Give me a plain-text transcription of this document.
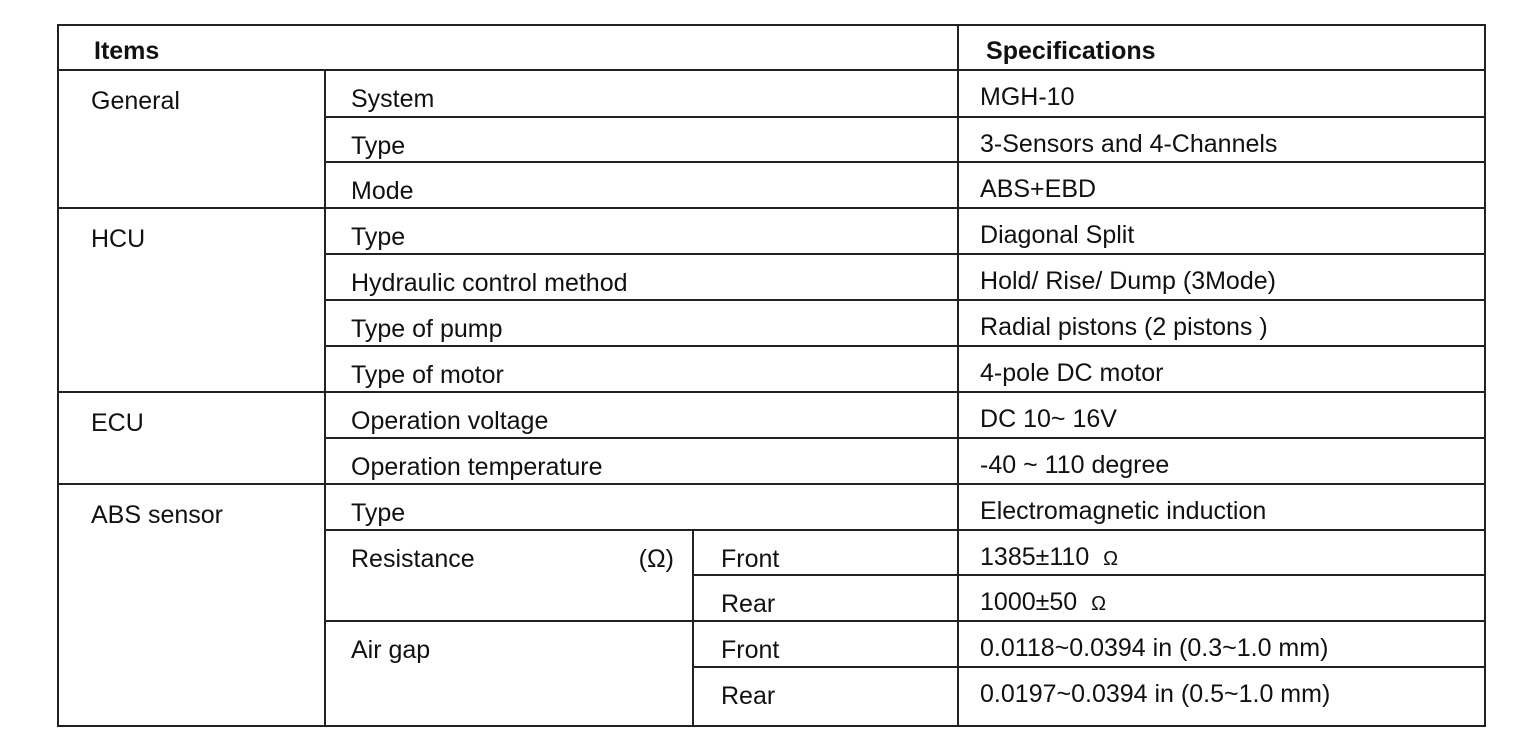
Items			Specifications
General	System		MGH-10
	Type		3-Sensors and 4-Channels
	Mode		ABS+EBD
HCU	Type		Diagonal Split
	Hydraulic control method		Hold/ Rise/ Dump (3Mode)
	Type of pump		Radial pistons (2 pistons )
	Type of motor		4-pole DC motor
ECU	Operation voltage		DC 10~ 16V
	Operation temperature		-40 ~ 110 degree
ABS sensor	Type		Electromagnetic induction

	Resistance (Ω)	Front	1385±110 Ω
		Rear	1000±50 Ω
	Air gap	Front	0.0118~0.0394 in (0.3~1.0 mm)
		Rear	0.0197~0.0394 in (0.5~1.0 mm)
